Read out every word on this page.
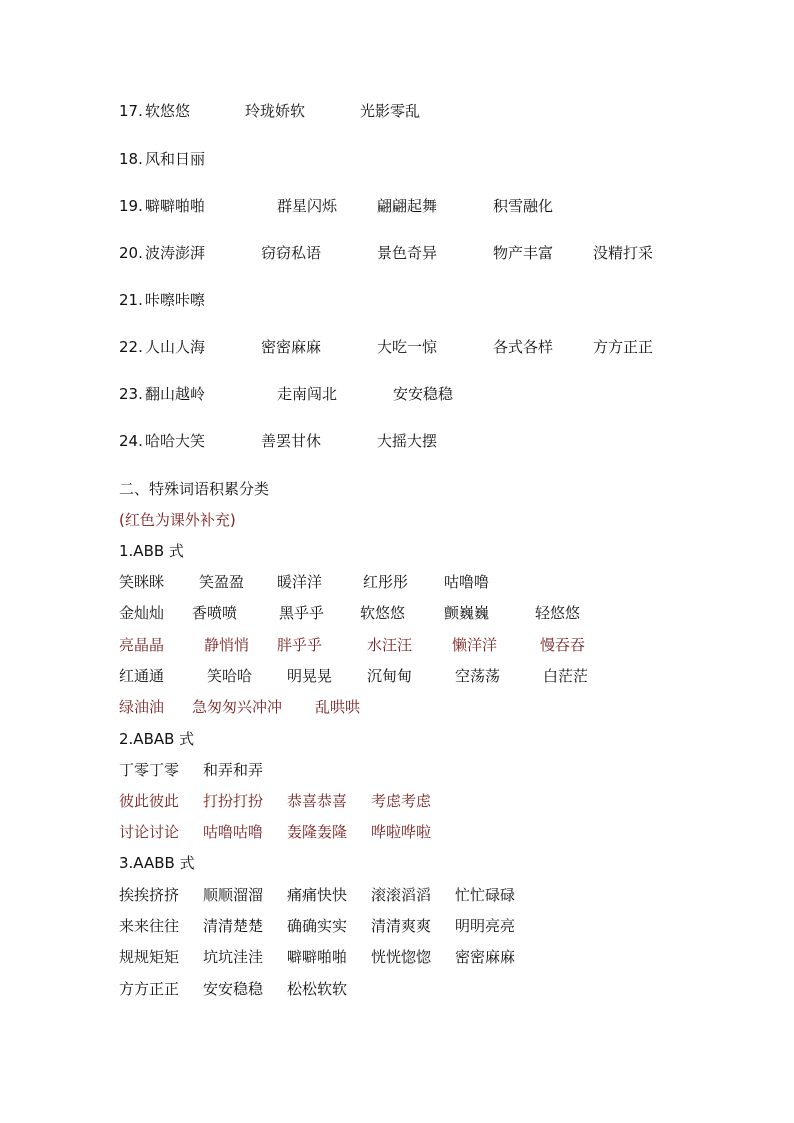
17. 软悠悠	玲珑娇软	光影零乱
18. 风和日丽
19. 噼噼啪啪	群星闪烁	翩翩起舞	积雪融化
20. 波涛澎湃	窃窃私语	景色奇异	物产丰富	没精打采
21. 咔嚓咔嚓
22. 人山人海	密密麻麻	大吃一惊	各式各样	方方正正
23. 翻山越岭	走南闯北	安安稳稳
24. 哈哈大笑	善罢甘休	大摇大摆
二、特殊词语积累分类
(红色为课外补充)
1.ABB 式
笑眯眯 笑盈盈 暖洋洋	红彤彤 咕噜噜
金灿灿 香喷喷	黑乎乎 软悠悠	颤巍巍	轻悠悠
亮晶晶	静悄悄 胖乎乎	水汪汪	懒洋洋	慢吞吞
红通通	笑哈哈 明晃晃 沉甸甸	空荡荡	白茫茫
绿油油 急匆匆兴冲冲 乱哄哄
2.ABAB 式
丁零丁零 和弄和弄
彼此彼此 打扮打扮 恭喜恭喜 考虑考虑
讨论讨论 咕噜咕噜 轰隆轰隆 哗啦哗啦
3.AABB 式
挨挨挤挤 顺顺溜溜 痛痛快快 滚滚滔滔 忙忙碌碌
来来往往 清清楚楚 确确实实 清清爽爽 明明亮亮
规规矩矩 坑坑洼洼 噼噼啪啪 恍恍惚惚 密密麻麻
方方正正 安安稳稳 松松软软
